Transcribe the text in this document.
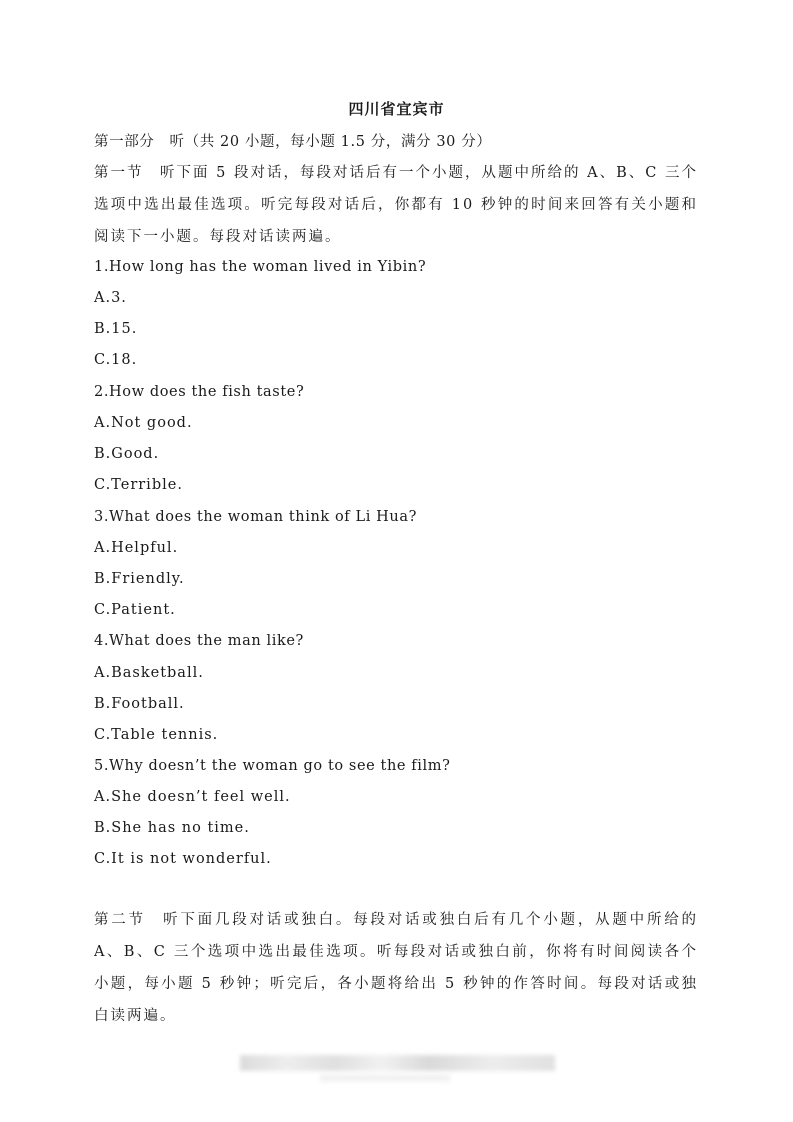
四川省宜宾市
第一部分　听（共 20 小题，每小题 1.5 分，满分 30 分）
第一节　听下面 5 段对话，每段对话后有一个小题，从题中所给的 A、B、C 三个选项中选出最佳选项。听完每段对话后，你都有 10 秒钟的时间来回答有关小题和阅读下一小题。每段对话读两遍。
1.How long has the woman lived in Yibin?
A.3.
B.15.
C.18.
2.How does the fish taste?
A.Not good.
B.Good.
C.Terrible.
3.What does the woman think of Li Hua?
A.Helpful.
B.Friendly.
C.Patient.
4.What does the man like?
A.Basketball.
B.Football.
C.Table tennis.
5.Why doesn’t the woman go to see the film?
A.She doesn’t feel well.
B.She has no time.
C.It is not wonderful.
第二节　听下面几段对话或独白。每段对话或独白后有几个小题，从题中所给的 A、B、C 三个选项中选出最佳选项。听每段对话或独白前，你将有时间阅读各个小题，每小题 5 秒钟；听完后，各小题将给出 5 秒钟的作答时间。每段对话或独白读两遍。
